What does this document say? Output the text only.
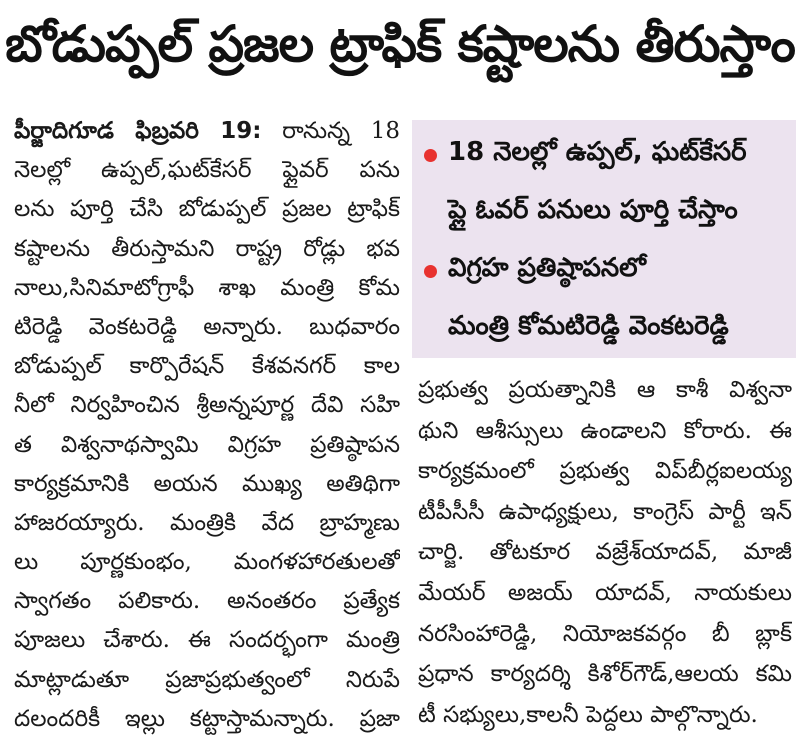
బోడుప్పల్ ప్రజల ట్రాఫిక్ కష్టాలను తీరుస్తాం
పీర్జాదిగూడ ఫిబ్రవరి 19: రానున్న 18
నెలల్లో ఉప్పల్,ఘట్‌కేసర్ ఫ్లైవర్ పను
లను పూర్తి చేసి బోడుప్పల్ ప్రజల ట్రాఫిక్
కష్టాలను తీరుస్తామని రాష్ట్ర రోడ్లు భవ
నాలు,సినిమాటోగ్రాఫీ శాఖ మంత్రి కోమ
టిరెడ్డి వెంకటరెడ్డి అన్నారు. బుధవారం
బోడుప్పల్ కార్పొరేషన్ కేశవనగర్ కాల
నీలో నిర్వహించిన శ్రీఅన్నపూర్ణ దేవి సహి
త విశ్వనాథస్వామి విగ్రహ ప్రతిష్ఠాపన
కార్యక్రమానికి అయన ముఖ్య అతిథిగా
హాజరయ్యారు. మంత్రికి వేద బ్రాహ్మణు
లు పూర్ణకుంభం, మంగళహారతులతో
స్వాగతం పలికారు. అనంతరం ప్రత్యేక
పూజలు చేశారు. ఈ సందర్భంగా మంత్రి
మాట్లాడుతూ ప్రజాప్రభుత్వంలో నిరుపే
దలందరికీ ఇల్లు కట్టాస్తామన్నారు. ప్రజా
18 నెలల్లో ఉప్పల్, ఘట్‌కేసర్
ప్లై ఓవర్ పనులు పూర్తి చేస్తాం
విగ్రహ ప్రతిష్ఠాపనలో
మంత్రి కోమటిరెడ్డి వెంకటరెడ్డి
ప్రభుత్వ ప్రయత్నానికి ఆ కాశీ విశ్వనా
థుని ఆశీస్సులు ఉండాలని కోరారు. ఈ
కార్యక్రమంలో ప్రభుత్వ విప్‌బీర్లఐలయ్య
టీపీసీసీ ఉపాధ్యక్షులు, కాంగ్రెస్ పార్టీ ఇన్
చార్జి. తోటకూర వజ్రేశ్‌యాదవ్, మాజీ
మేయర్ అజయ్ యాదవ్, నాయకులు
నరసింహారెడ్డి, నియోజకవర్గం బీ బ్లాక్
ప్రధాన కార్యదర్శి కిశోర్‌గౌడ్,ఆలయ కమి
టీ సభ్యులు,కాలనీ పెద్దలు పాల్గొన్నారు.
